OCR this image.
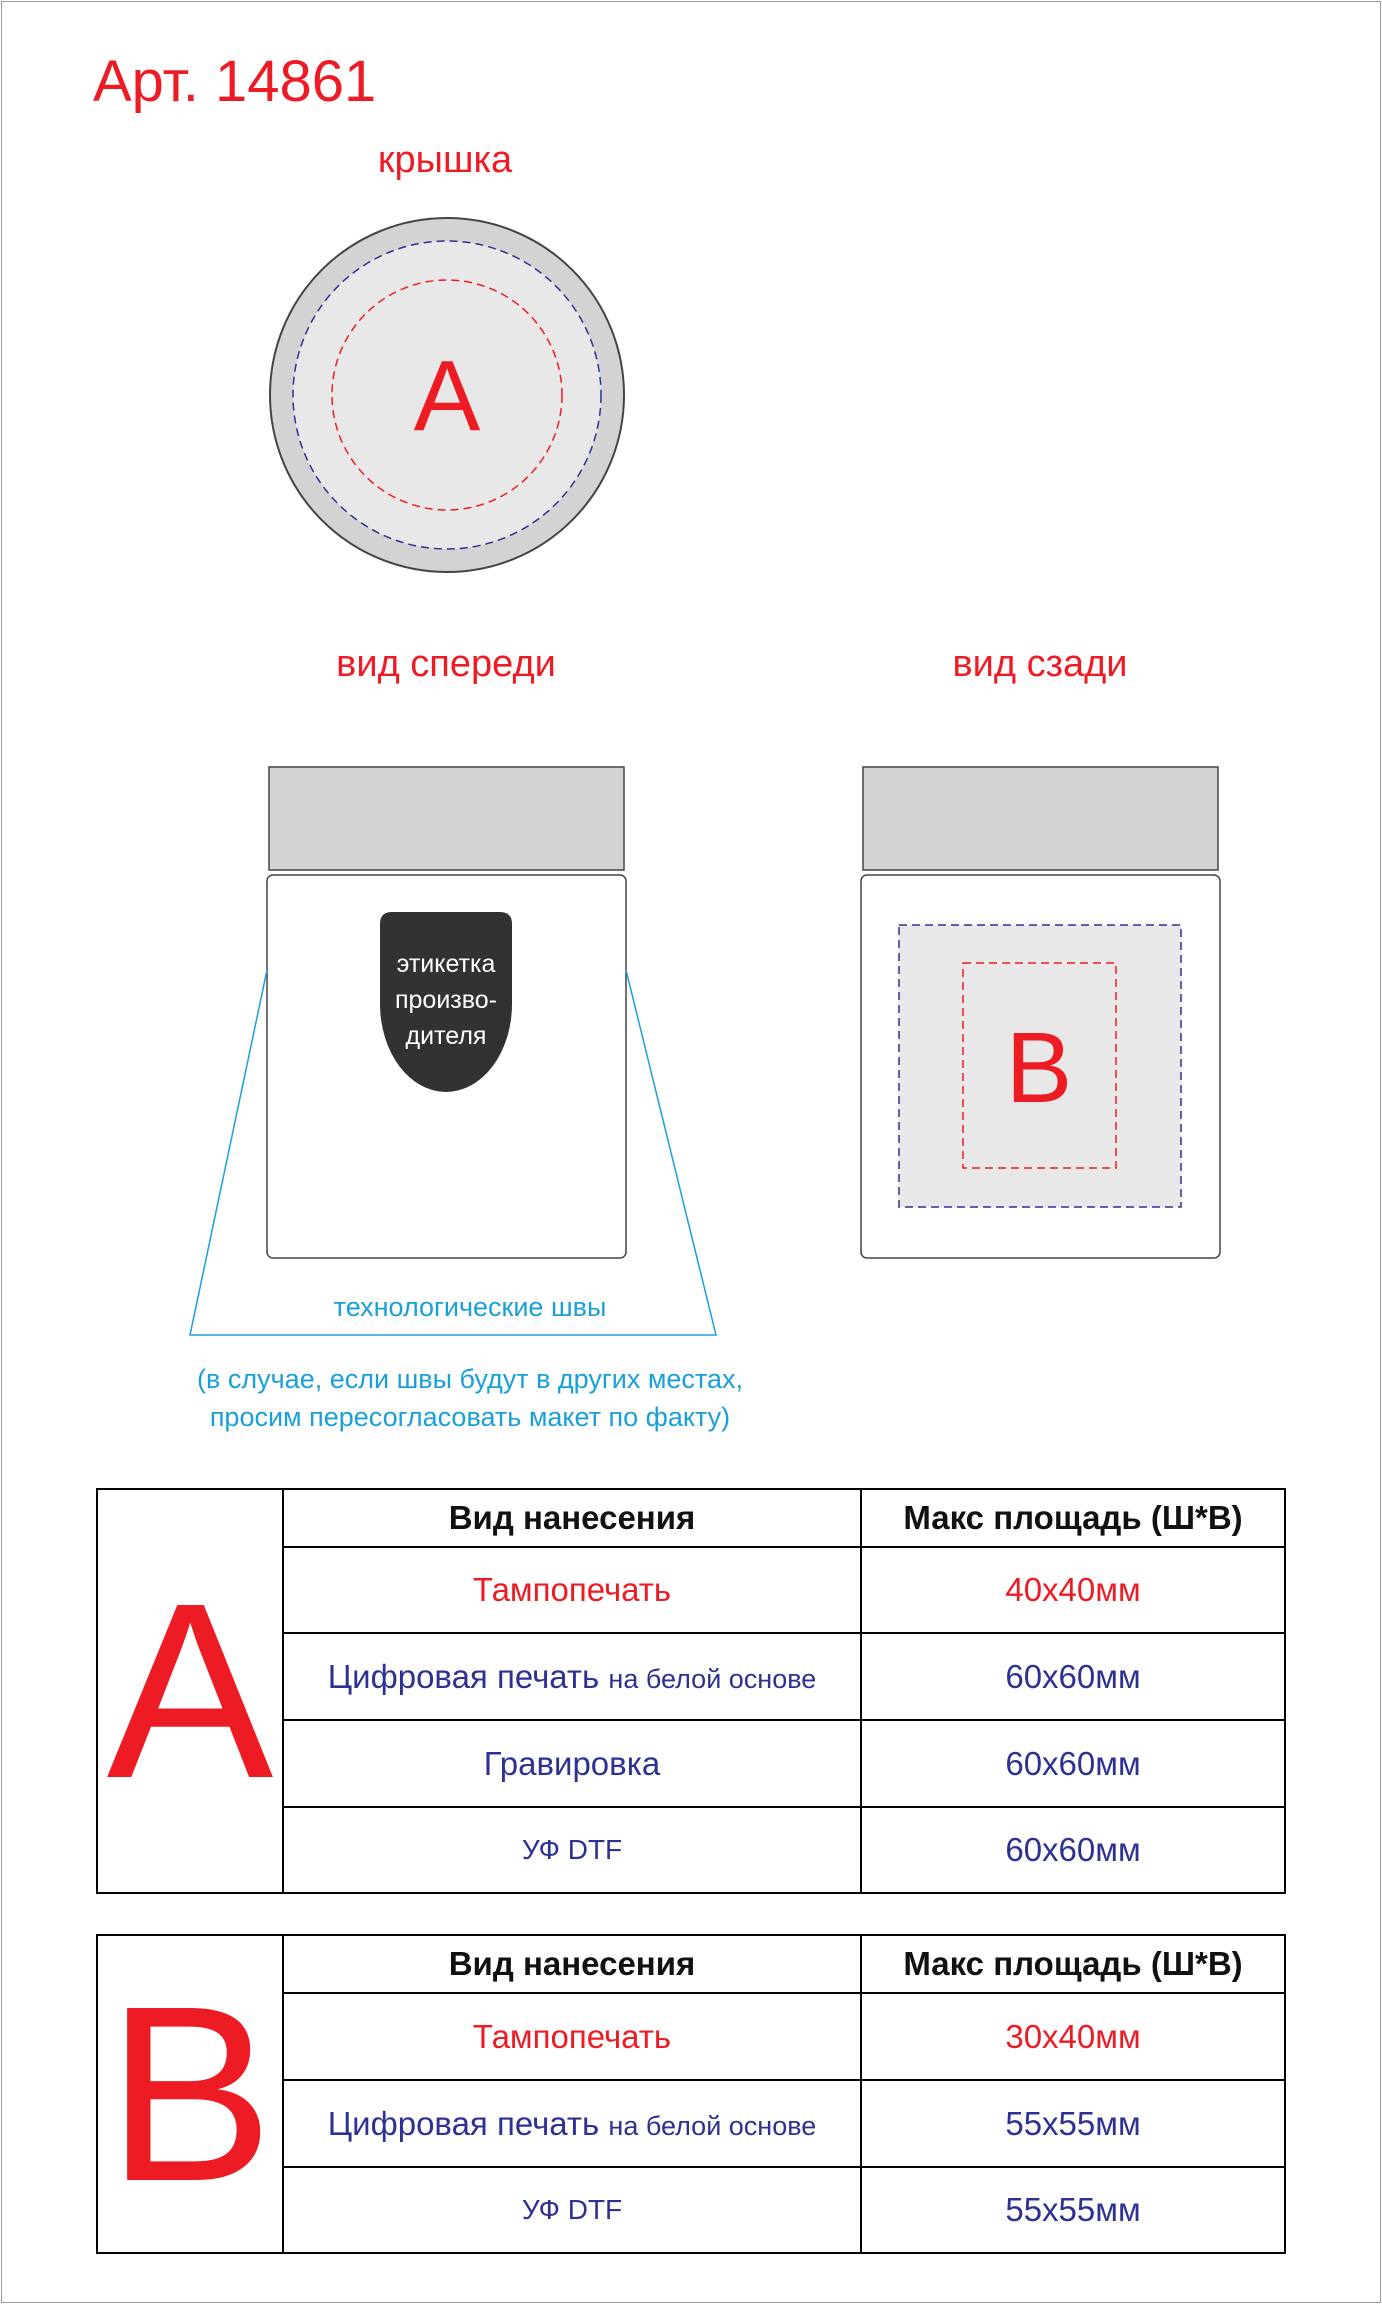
Арт. 14861
крышка
вид спереди	вид сзади
A
B
этикетка
произво-
дителя
технологические швы
(в случае, если швы будут в других местах,
просим пересогласовать макет по факту)
A	Вид нанесения	Макс площадь (Ш*В)
	Тампопечать	40х40мм
	Цифровая печать на белой основе	60х60мм
	Гравировка	60х60мм
	УФ DTF	60х60мм
B	Вид нанесения	Макс площадь (Ш*В)
	Тампопечать	30х40мм
	Цифровая печать на белой основе	55х55мм
	УФ DTF	55х55мм
